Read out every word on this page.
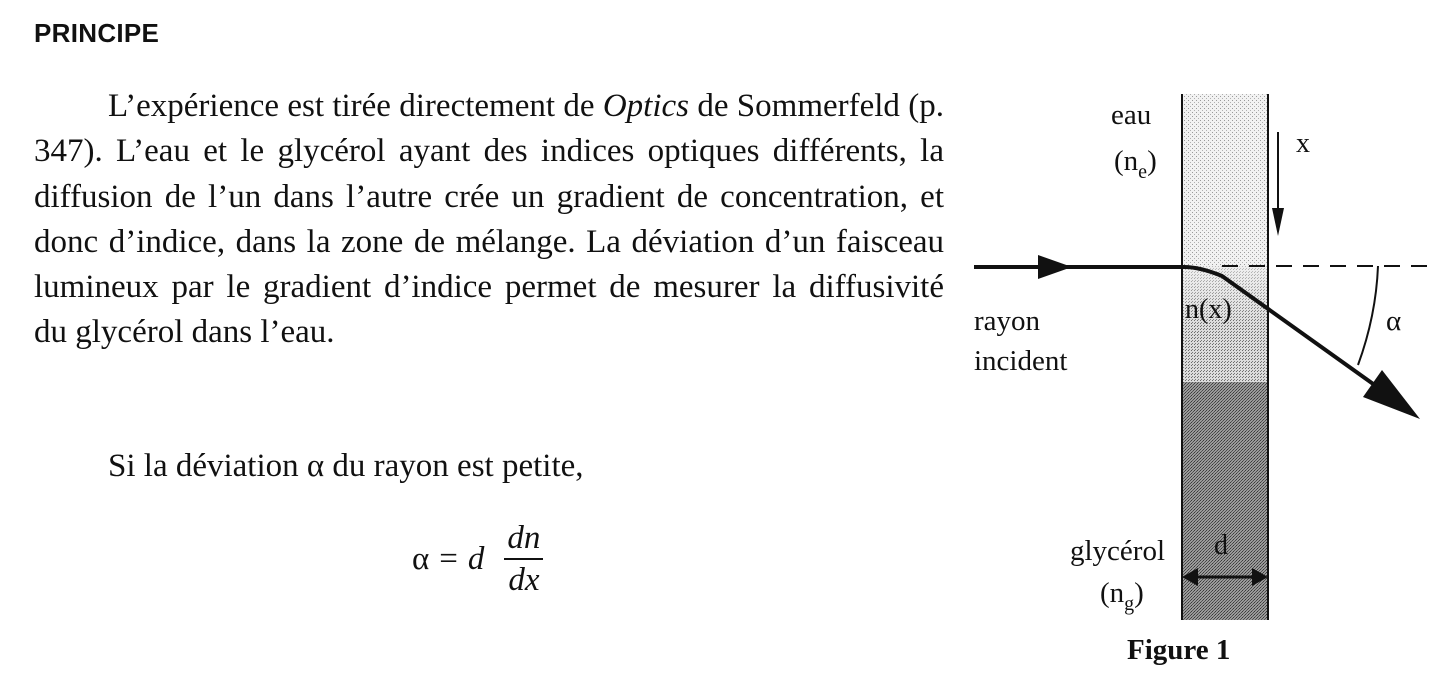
PRINCIPE

L’expérience est tirée directement de Optics de Sommerfeld (p. 347). L’eau et le glycérol ayant des indices optiques différents, la diffusion de l’un dans l’autre crée un gradient de concentration, et donc d’indice, dans la zone de mélange. La déviation d’un faisceau lumineux par le gradient d’indice permet de mesurer la diffusivité du glycérol dans l’eau.

Si la déviation α du rayon est petite,

α = d $\frac{dn}{dx}$
eau
$(n_e)$
x
rayon
incident
n(x)	α
glycérol
$(n_g)$
d
Figure 1
